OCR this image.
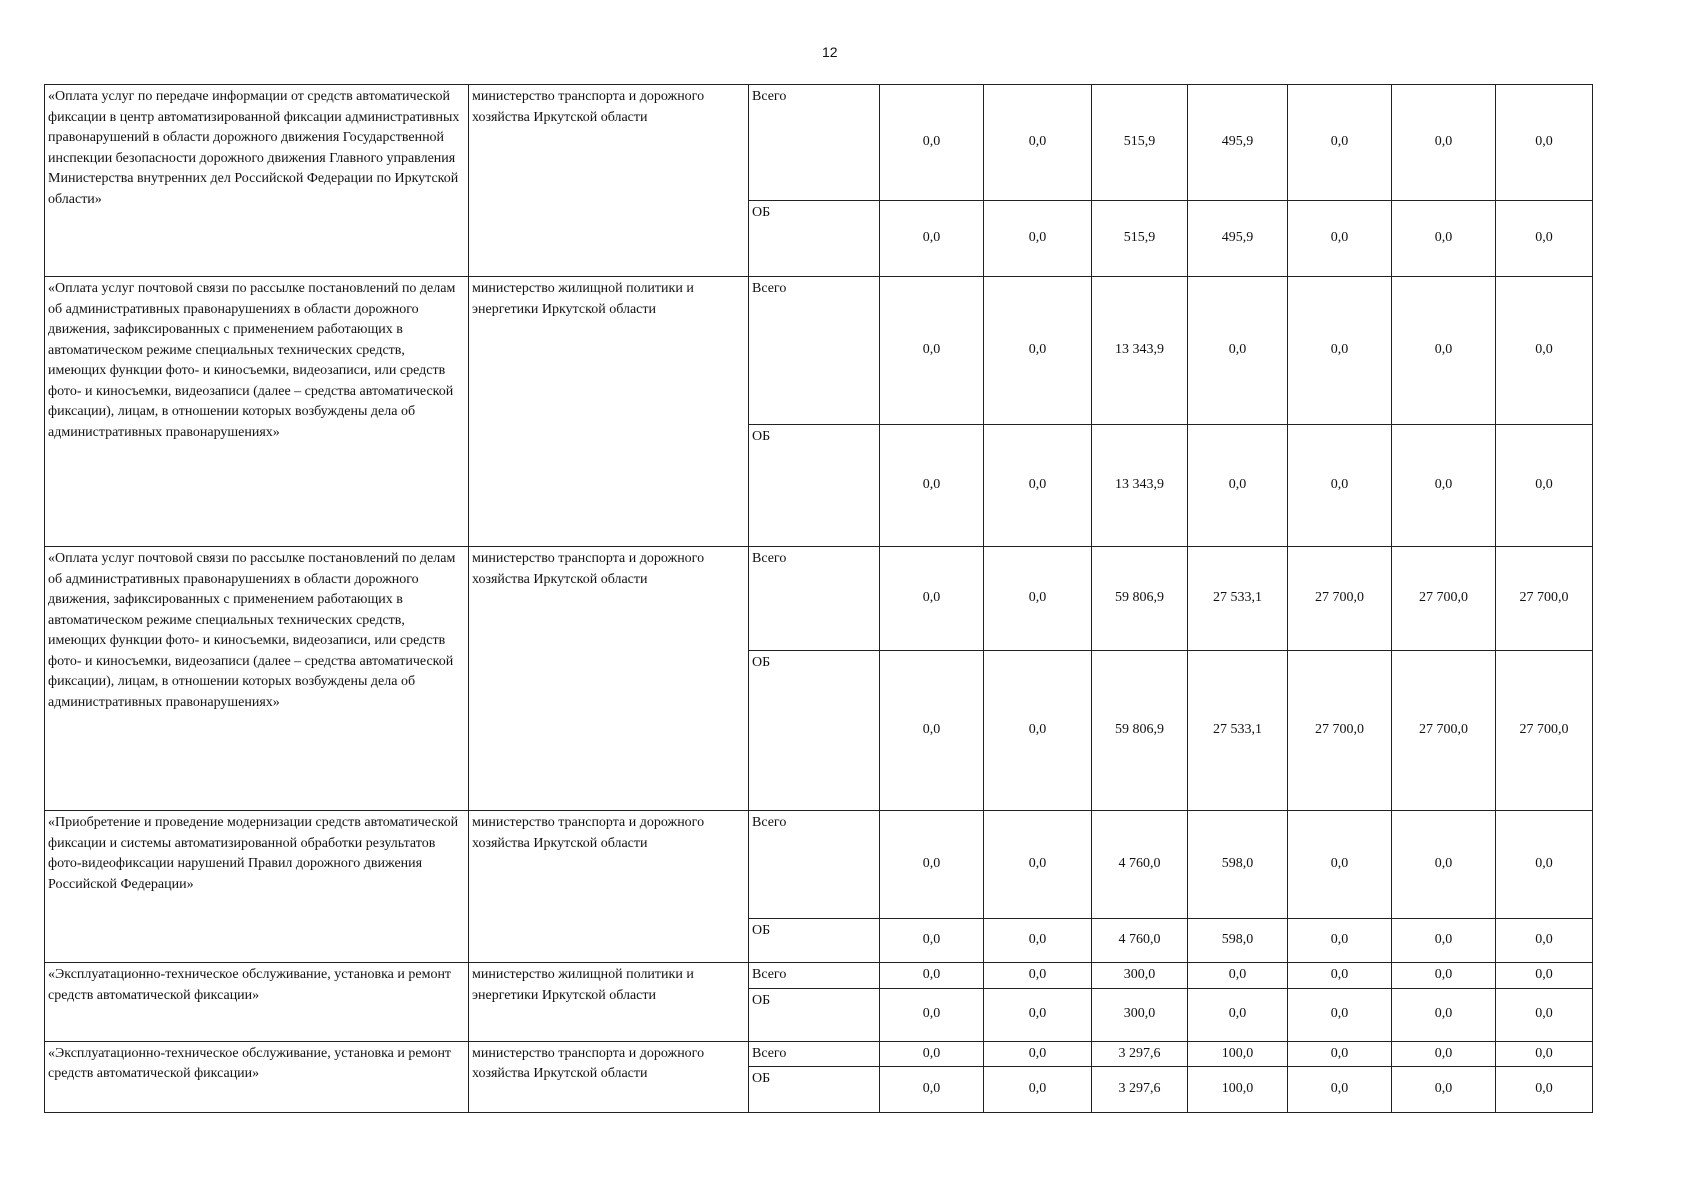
12
«Оплата услуг по передаче информации от средств автоматической фиксации в центр автоматизированной фиксации административных правонарушений в области дорожного движения Государственной инспекции безопасности дорожного движения Главного управления Министерства внутренних дел Российской Федерации по Иркутской области»	министерство транспорта и дорожного хозяйства Иркутской области	Всего	0,0	0,0	515,9	495,9	0,0	0,0	0,0
		ОБ	0,0	0,0	515,9	495,9	0,0	0,0	0,0
«Оплата услуг почтовой связи по рассылке постановлений по делам об административных правонарушениях в области дорожного движения, зафиксированных с применением работающих в автоматическом режиме специальных технических средств, имеющих функции фото- и киносъемки, видеозаписи, или средств фото- и киносъемки, видеозаписи (далее – средства автоматической фиксации), лицам, в отношении которых возбуждены дела об административных правонарушениях»	министерство жилищной политики и энергетики Иркутской области	Всего	0,0	0,0	13 343,9	0,0	0,0	0,0	0,0
		ОБ	0,0	0,0	13 343,9	0,0	0,0	0,0	0,0
«Оплата услуг почтовой связи по рассылке постановлений по делам об административных правонарушениях в области дорожного движения, зафиксированных с применением работающих в автоматическом режиме специальных технических средств, имеющих функции фото- и киносъемки, видеозаписи, или средств фото- и киносъемки, видеозаписи (далее – средства автоматической фиксации), лицам, в отношении которых возбуждены дела об административных правонарушениях»	министерство транспорта и дорожного хозяйства Иркутской области	Всего	0,0	0,0	59 806,9	27 533,1	27 700,0	27 700,0	27 700,0
		ОБ	0,0	0,0	59 806,9	27 533,1	27 700,0	27 700,0	27 700,0
«Приобретение и проведение модернизации средств автоматической фиксации и системы автоматизированной обработки результатов фото-видеофиксации нарушений Правил дорожного движения Российской Федерации»	министерство транспорта и дорожного хозяйства Иркутской области	Всего	0,0	0,0	4 760,0	598,0	0,0	0,0	0,0
		ОБ	0,0	0,0	4 760,0	598,0	0,0	0,0	0,0
«Эксплуатационно-техническое обслуживание, установка и ремонт средств автоматической фиксации»	министерство жилищной политики и энергетики Иркутской области	Всего	0,0	0,0	300,0	0,0	0,0	0,0	0,0
		ОБ	0,0	0,0	300,0	0,0	0,0	0,0	0,0
«Эксплуатационно-техническое обслуживание, установка и ремонт средств автоматической фиксации»	министерство транспорта и дорожного хозяйства Иркутской области	Всего	0,0	0,0	3 297,6	100,0	0,0	0,0	0,0
		ОБ	0,0	0,0	3 297,6	100,0	0,0	0,0	0,0
